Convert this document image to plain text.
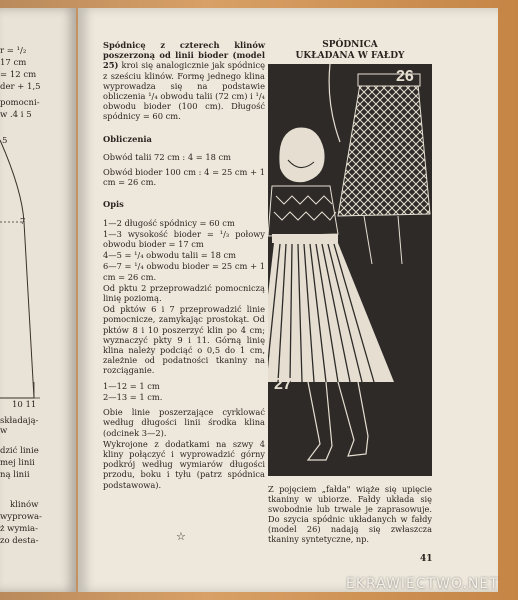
r = ¹/₂
17 cm
= 12 cm
der + 1,5
pomocni-
w .4 i 5
5
7
10 11
składają-
w
dzić linie
mej linii
ną linii
klinów
wyprowa-
ż wymia-
zo desta-

Spódnicę z czterech klinów poszerzoną od linii bioder (model 25) kroi się analogicznie jak spódnicę z sześciu klinów. Formę jednego klina wyprowadza się na podstawie obliczenia ¹/₄ obwodu talii (72 cm) i ¹/₄ obwodu bioder (100 cm). Długość spódnicy = 60 cm.

Obliczenia

Obwód talii 72 cm : 4 = 18 cm

Obwód bioder 100 cm : 4 = 25 cm + 1 cm = 26 cm.

Opis

1—2 długość spódnicy = 60 cm

1—3 wysokość bioder = ¹/₃ połowy obwodu bioder = 17 cm

4—5 = ¹/₄ obwodu talii = 18 cm

6—7 = ¹/₄ obwodu bioder = 25 cm + 1 cm = 26 cm.

Od pktu 2 przeprowadzić pomocniczą linię poziomą.

Od pktów 6 i 7 przeprowadzić linie pomocnicze, zamykając prostokąt. Od pktów 8 i 10 poszerzyć klin po 4 cm; wyznaczyć pkty 9 i 11. Górną linię klina należy podciąć o 0,5 do 1 cm, zależnie od podatności tkaniny na rozciąganie.

1—12 = 1 cm

2—13 = 1 cm.

Obie linie poszerzające cyrklować według długości linii środka klina (odcinek 3—2).

Wykrojone z dodatkami na szwy 4 kliny połączyć i wyprowadzić górny podkrój według wymiarów długości przodu, boku i tyłu (patrz spódnica podstawowa).

SPÓDNICA
UKŁADANA W FAŁDY
26
27
Z pojęciem „fałda" wiąże się upięcie tkaniny w ubiorze. Fałdy układa się swobodnie lub trwale je zaprasowuje. Do szycia spódnic układanych w fałdy (model 26) nadają się zwłaszcza tkaniny syntetyczne, np.
☆
41
EKRAWIECTWO.NET
